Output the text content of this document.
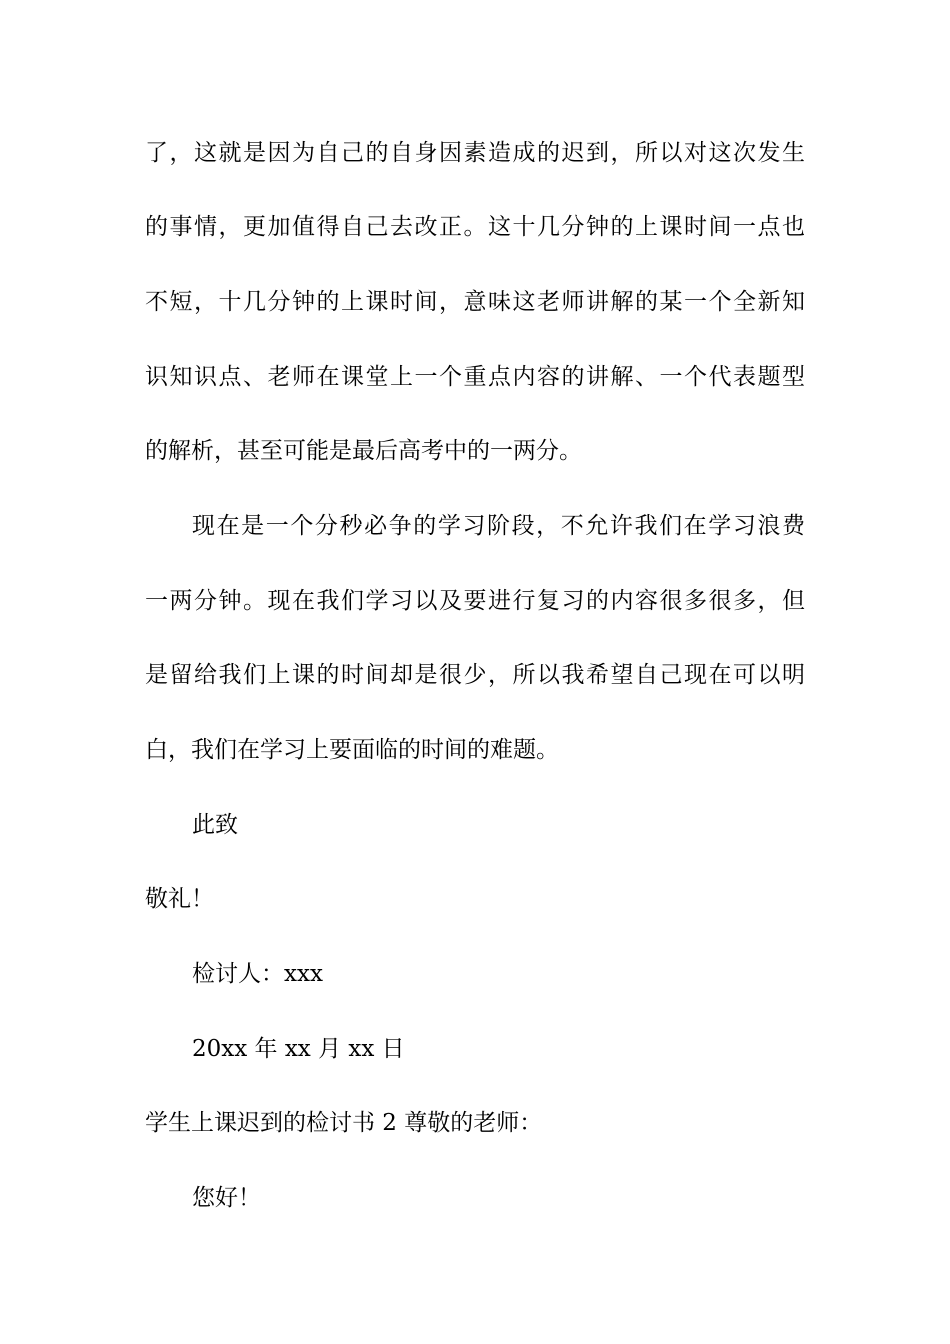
了，这就是因为自己的自身因素造成的迟到，所以对这次发生
的事情，更加值得自己去改正。这十几分钟的上课时间一点也
不短，十几分钟的上课时间，意味这老师讲解的某一个全新知
识知识点、老师在课堂上一个重点内容的讲解、一个代表题型
的解析，甚至可能是最后高考中的一两分。
现在是一个分秒必争的学习阶段，不允许我们在学习浪费
一两分钟。现在我们学习以及要进行复习的内容很多很多，但
是留给我们上课的时间却是很少，所以我希望自己现在可以明
白，我们在学习上要面临的时间的难题。
此致
敬礼！
检讨人：xxx
20xx 年 xx 月 xx 日
学生上课迟到的检讨书 2 尊敬的老师：
您好！
